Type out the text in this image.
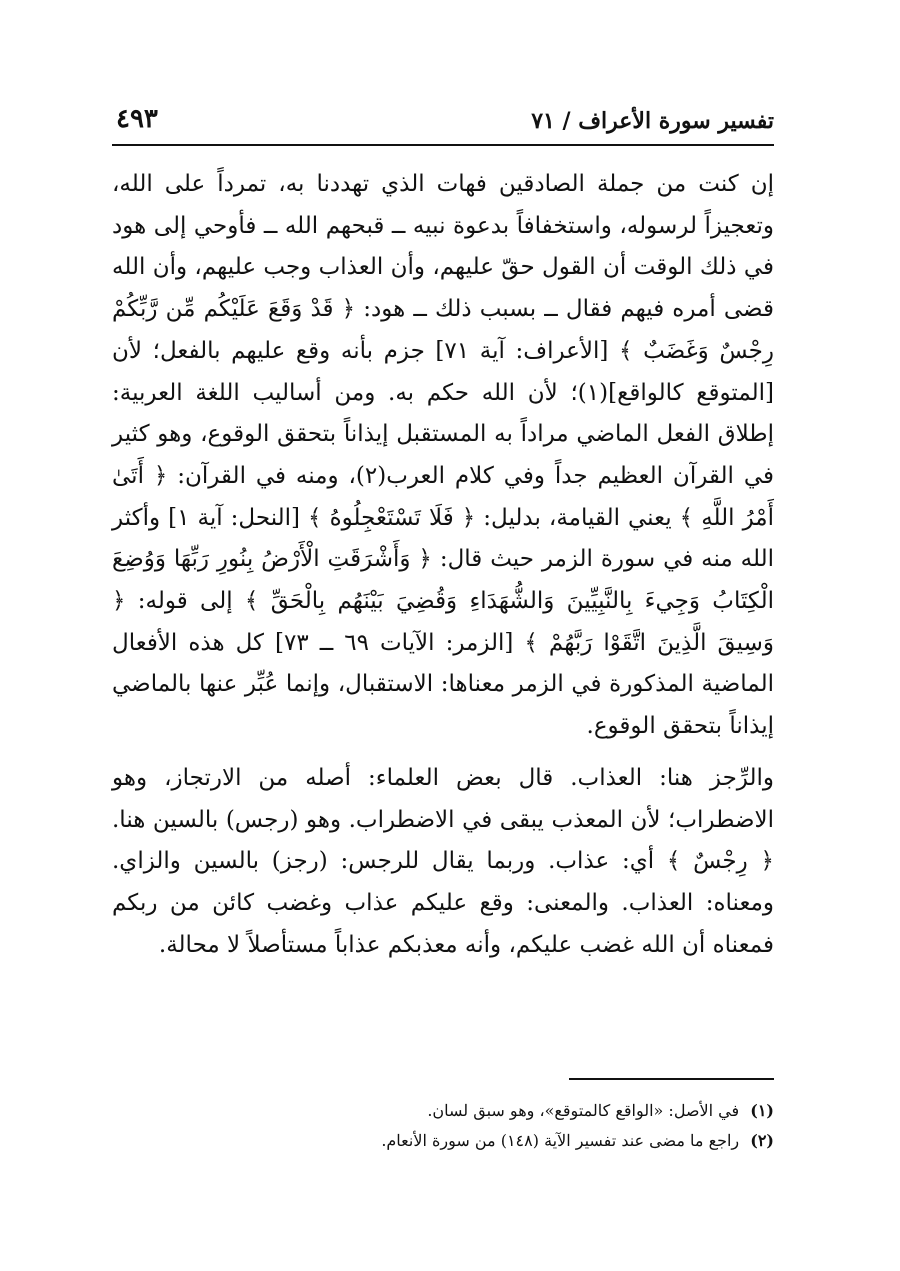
تفسير سورة الأعراف / ٧١
٤٩٣

إن كنت من جملة الصادقين فهات الذي تهددنا به، تمرداً على الله، وتعجيزاً لرسوله، واستخفافاً بدعوة نبيه ــ قبحهم الله ــ فأوحي إلى هود في ذلك الوقت أن القول حقّ عليهم، وأن العذاب وجب عليهم، وأن الله قضى أمره فيهم فقال ــ بسبب ذلك ــ هود: ﴿ قَدْ وَقَعَ عَلَيْكُم مِّن رَّبِّكُمْ رِجْسٌ وَغَضَبٌ ﴾ [الأعراف: آية ٧١] جزم بأنه وقع عليهم بالفعل؛ لأن [المتوقع كالواقع](١)؛ لأن الله حكم به. ومن أساليب اللغة العربية: إطلاق الفعل الماضي مراداً به المستقبل إيذاناً بتحقق الوقوع، وهو كثير في القرآن العظيم جداً وفي كلام العرب(٢)، ومنه في القرآن: ﴿ أَتَىٰ أَمْرُ اللَّهِ ﴾ يعني القيامة، بدليل: ﴿ فَلَا تَسْتَعْجِلُوهُ ﴾ [النحل: آية ١] وأكثر الله منه في سورة الزمر حيث قال: ﴿ وَأَشْرَقَتِ الْأَرْضُ بِنُورِ رَبِّهَا وَوُضِعَ الْكِتَابُ وَجِيءَ بِالنَّبِيِّينَ وَالشُّهَدَاءِ وَقُضِيَ بَيْنَهُم بِالْحَقِّ ﴾ إلى قوله: ﴿ وَسِيقَ الَّذِينَ اتَّقَوْا رَبَّهُمْ ﴾ [الزمر: الآيات ٦٩ ــ ٧٣] كل هذه الأفعال الماضية المذكورة في الزمر معناها: الاستقبال، وإنما عُبِّر عنها بالماضي إيذاناً بتحقق الوقوع.

والرِّجز هنا: العذاب. قال بعض العلماء: أصله من الارتجاز، وهو الاضطراب؛ لأن المعذب يبقى في الاضطراب. وهو (رجس) بالسين هنا. ﴿ رِجْسٌ ﴾ أي: عذاب. وربما يقال للرجس: (رجز) بالسين والزاي. ومعناه: العذاب. والمعنى: وقع عليكم عذاب وغضب كائن من ربكم فمعناه أن الله غضب عليكم، وأنه معذبكم عذاباً مستأصلاً لا محالة.

(١) في الأصل: «الواقع كالمتوقع»، وهو سبق لسان.

(٢) راجع ما مضى عند تفسير الآية (١٤٨) من سورة الأنعام.
